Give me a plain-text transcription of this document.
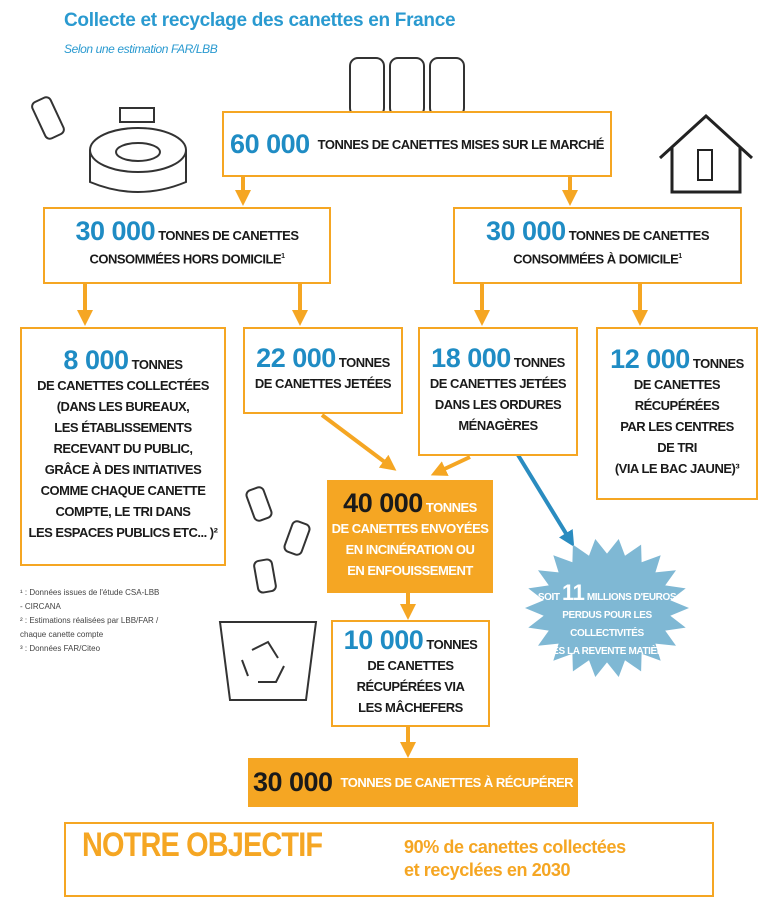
Collecte et recyclage des canettes en France
Selon une estimation FAR/LBB
60 000 TONNES DE CANETTES MISES SUR LE MARCHÉ
30 000 TONNES DE CANETTES
CONSOMMÉES HORS DOMICILE$^1$
30 000 TONNES DE CANETTES
CONSOMMÉES À DOMICILE$^1$
8 000 TONNES
DE CANETTES COLLECTÉES
(DANS LES BUREAUX,
LES ÉTABLISSEMENTS
RECEVANT DU PUBLIC,
GRÂCE À DES INITIATIVES
COMME CHAQUE CANETTE
COMPTE, LE TRI DANS
LES ESPACES PUBLICS ETC... )²
22 000 TONNES
DE CANETTES JETÉES
18 000 TONNES
DE CANETTES JETÉES
DANS LES ORDURES
MÉNAGÈRES
12 000 TONNES
DE CANETTES
RÉCUPÉRÉES
PAR LES CENTRES
DE TRI
(VIA LE BAC JAUNE)³
40 000 TONNES
DE CANETTES ENVOYÉES
EN INCINÉRATION OU
EN ENFOUISSEMENT
10 000 TONNES
DE CANETTES
RÉCUPÉRÉES VIA
LES MÂCHEFERS
30 000 TONNES DE CANETTES À RÉCUPÉRER
SOIT 11 MILLIONS D'EUROS
PERDUS POUR LES COLLECTIVITÉS
LIÉS LA REVENTE MATIÈRE
¹ : Données issues de l'étude CSA-LBB
- CIRCANA
² : Estimations réalisées par LBB/FAR /
chaque canette compte
³ : Données FAR/Citeo
NOTRE OBJECTIF	90% de canettes collectées
et recyclées en 2030
